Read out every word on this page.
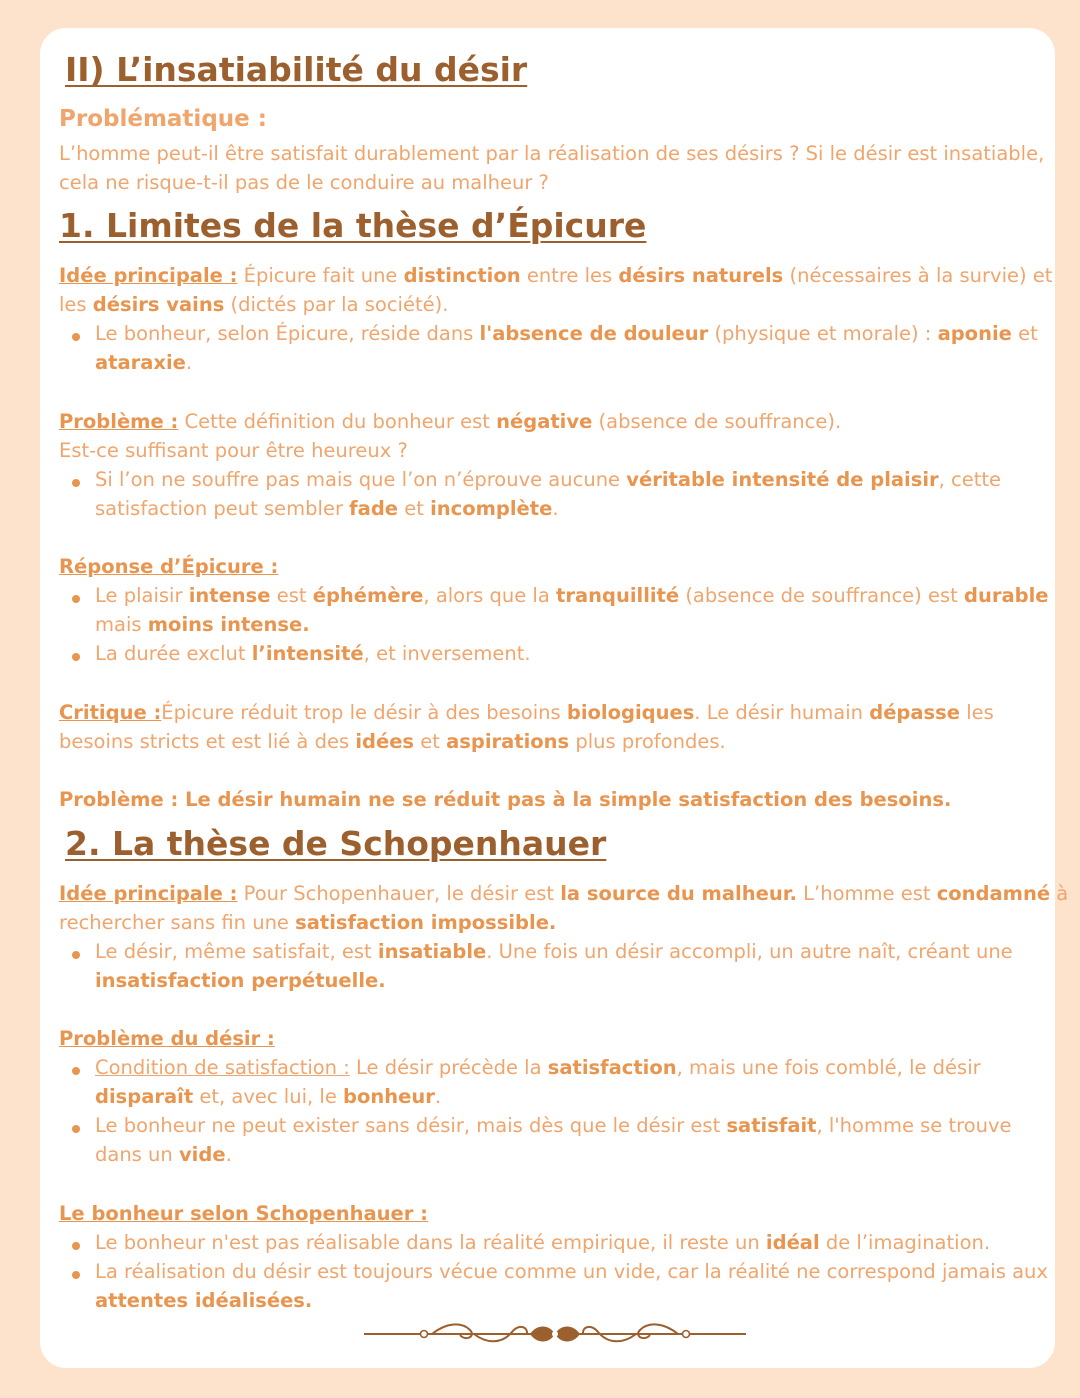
II) L’insatiabilité du désir
Problématique :
L’homme peut-il être satisfait durablement par la réalisation de ses désirs ? Si le désir est insatiable,
cela ne risque-t-il pas de le conduire au malheur ?
1. Limites de la thèse d’Épicure
Idée principale : Épicure fait une distinction entre les désirs naturels (nécessaires à la survie) et
les désirs vains (dictés par la société).
Le bonheur, selon Épicure, réside dans l'absence de douleur (physique et morale) : aponie et
ataraxie.
Problème : Cette définition du bonheur est négative (absence de souffrance).
Est-ce suffisant pour être heureux ?
Si l’on ne souffre pas mais que l’on n’éprouve aucune véritable intensité de plaisir, cette
satisfaction peut sembler fade et incomplète.
Réponse d’Épicure :
Le plaisir intense est éphémère, alors que la tranquillité (absence de souffrance) est durable
mais moins intense.
La durée exclut l’intensité, et inversement.
Critique :Épicure réduit trop le désir à des besoins biologiques. Le désir humain dépasse les
besoins stricts et est lié à des idées et aspirations plus profondes.
Problème : Le désir humain ne se réduit pas à la simple satisfaction des besoins.
2. La thèse de Schopenhauer
Idée principale : Pour Schopenhauer, le désir est la source du malheur. L’homme est condamné à
rechercher sans fin une satisfaction impossible.
Le désir, même satisfait, est insatiable. Une fois un désir accompli, un autre naît, créant une
insatisfaction perpétuelle.
Problème du désir :
Condition de satisfaction : Le désir précède la satisfaction, mais une fois comblé, le désir
disparaît et, avec lui, le bonheur.
Le bonheur ne peut exister sans désir, mais dès que le désir est satisfait, l'homme se trouve
dans un vide.
Le bonheur selon Schopenhauer :
Le bonheur n'est pas réalisable dans la réalité empirique, il reste un idéal de l’imagination.
La réalisation du désir est toujours vécue comme un vide, car la réalité ne correspond jamais aux
attentes idéalisées.
